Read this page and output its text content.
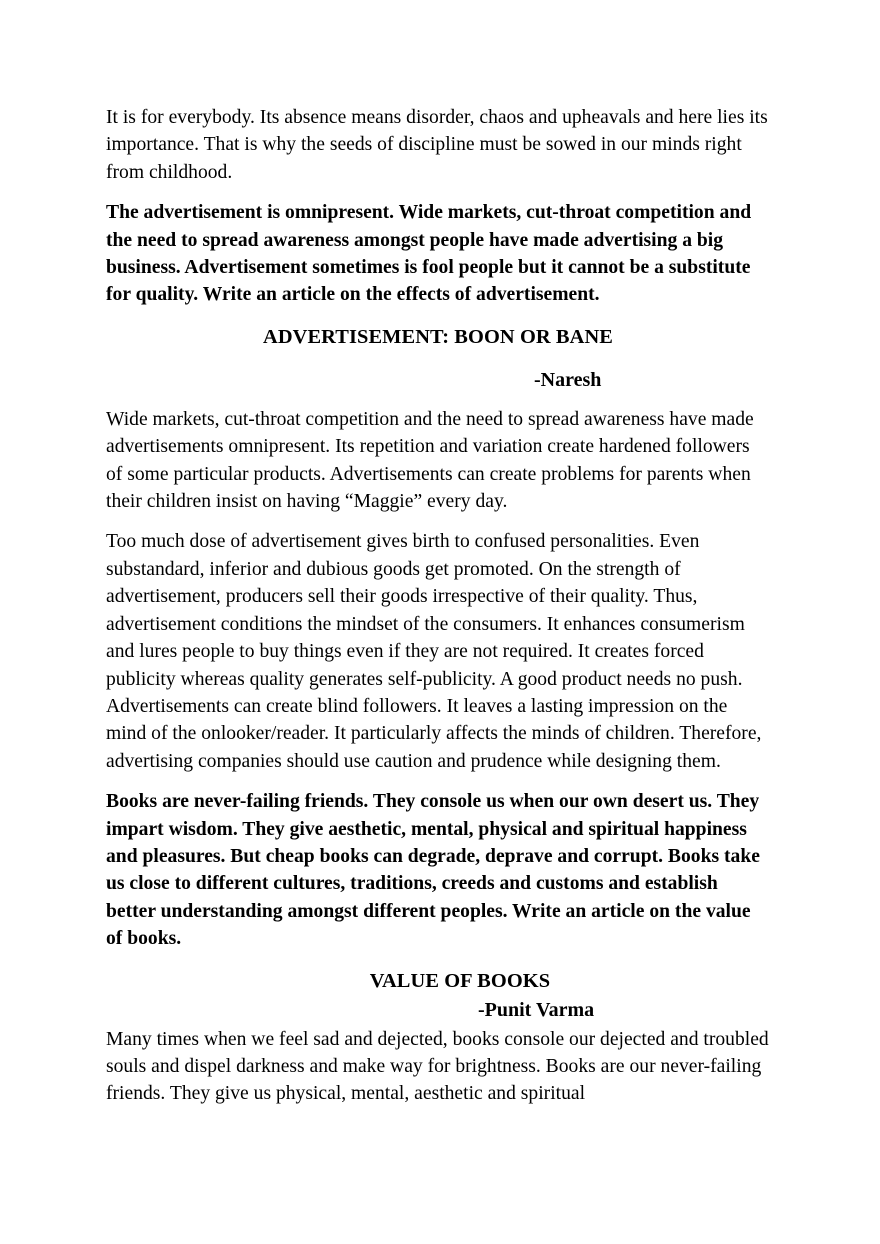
It is for everybody. Its absence means disorder, chaos and upheavals and here lies its importance. That is why the seeds of discipline must be sowed in our minds right from childhood.

The advertisement is omnipresent. Wide markets, cut-throat competition and the need to spread awareness amongst people have made advertising a big business. Advertisement sometimes is fool people but it cannot be a substitute for quality. Write an article on the effects of advertisement.

ADVERTISEMENT: BOON OR BANE
-Naresh

Wide markets, cut-throat competition and the need to spread awareness have made advertisements omnipresent. Its repetition and variation create hardened followers of some particular products. Advertisements can create problems for parents when their children insist on having “Maggie” every day.

Too much dose of advertisement gives birth to confused personalities. Even substandard, inferior and dubious goods get promoted. On the strength of advertisement, producers sell their goods irrespective of their quality. Thus, advertisement conditions the mindset of the consumers. It enhances consumerism and lures people to buy things even if they are not required. It creates forced publicity whereas quality generates self-publicity. A good product needs no push. Advertisements can create blind followers. It leaves a lasting impression on the mind of the onlooker/reader. It particularly affects the minds of children. Therefore, advertising companies should use caution and prudence while designing them.

Books are never-failing friends. They console us when our own desert us. They impart wisdom. They give aesthetic, mental, physical and spiritual happiness and pleasures. But cheap books can degrade, deprave and corrupt. Books take us close to different cultures, traditions, creeds and customs and establish better understanding amongst different peoples. Write an article on the value of books.

VALUE OF BOOKS
-Punit Varma

Many times when we feel sad and dejected, books console our dejected and troubled souls and dispel darkness and make way for brightness. Books are our never-failing friends. They give us physical, mental, aesthetic and spiritual
